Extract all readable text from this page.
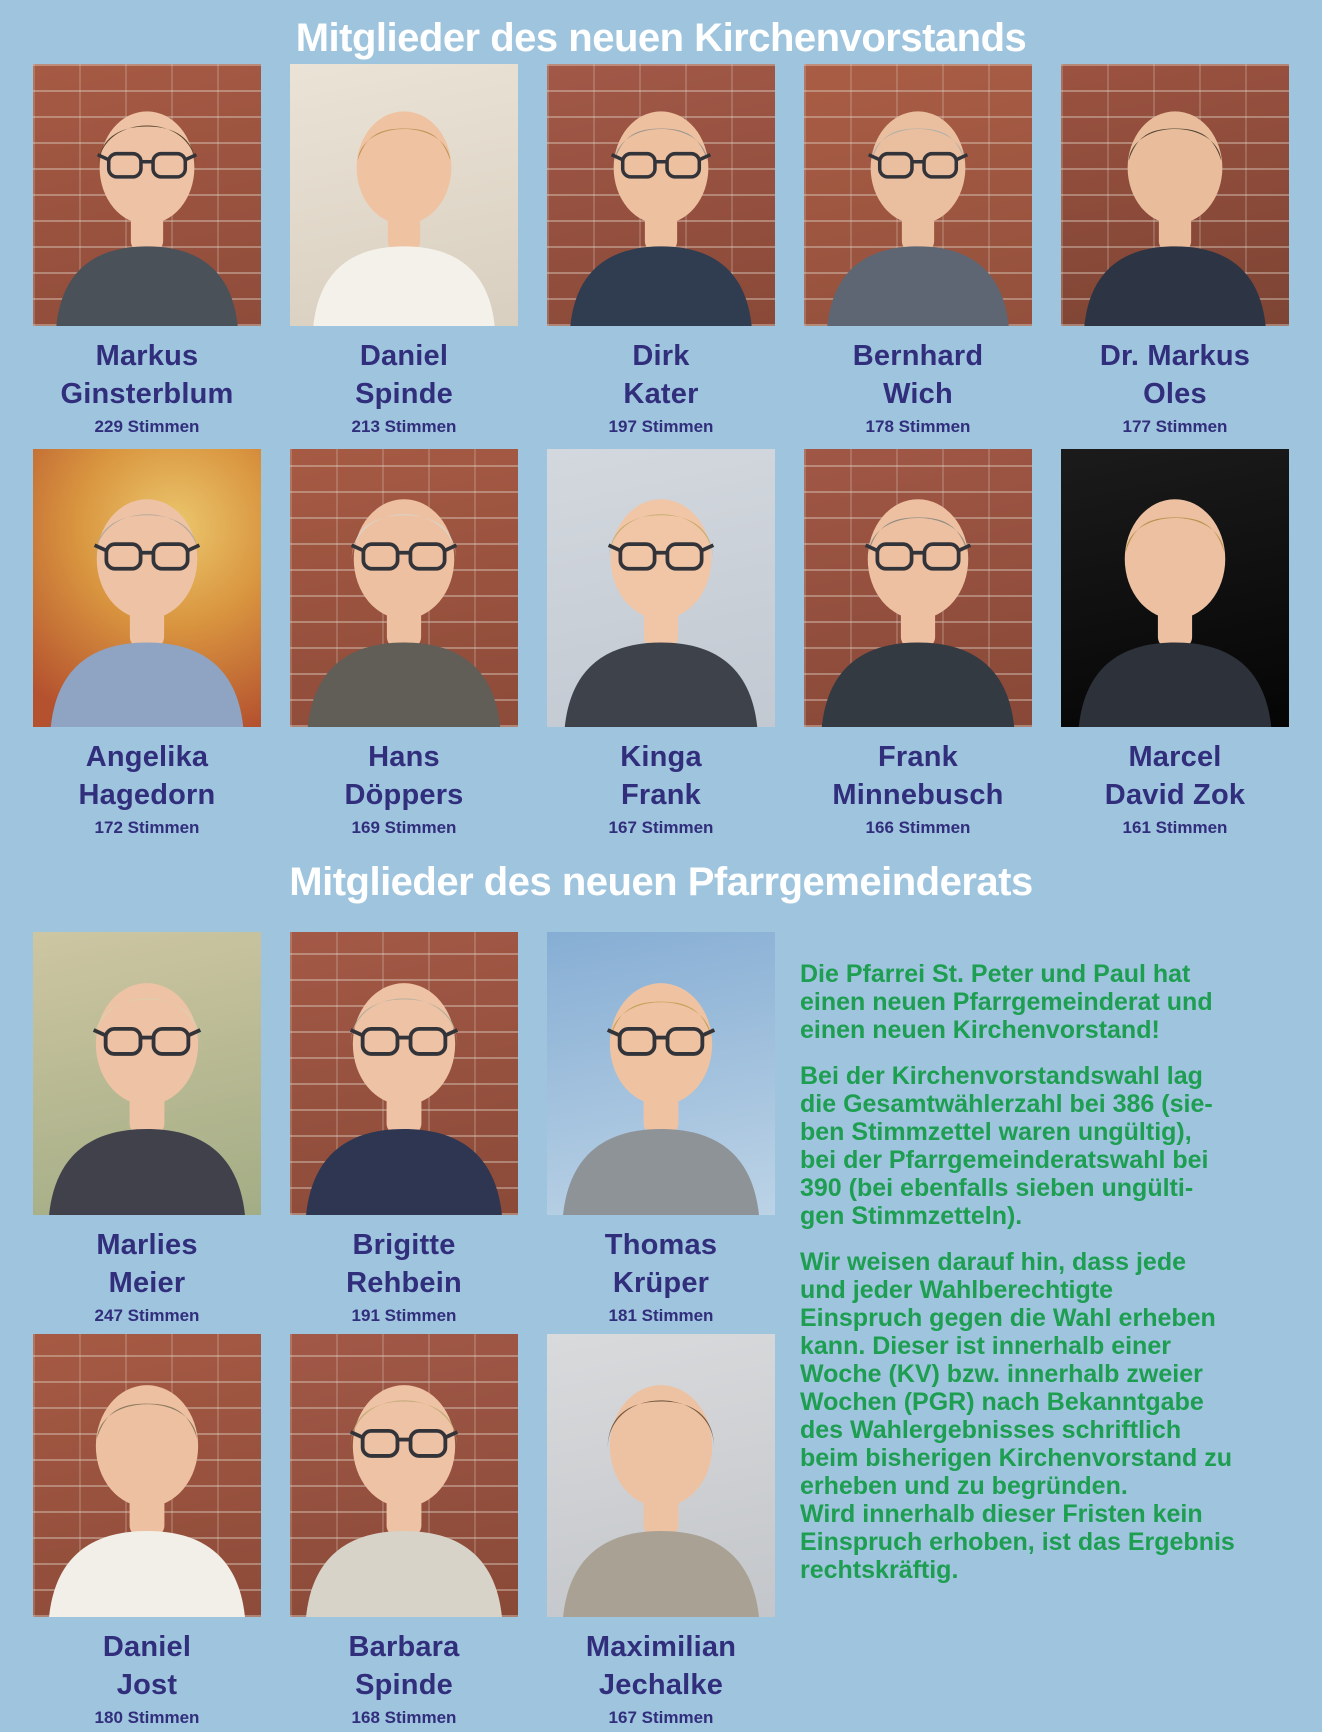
Mitglieder des neuen Kirchenvorstands
Markus
Ginsterblum
229 Stimmen
Daniel
Spinde
213 Stimmen
Dirk
Kater
197 Stimmen
Bernhard
Wich
178 Stimmen
Dr. Markus
Oles
177 Stimmen
Angelika
Hagedorn
172 Stimmen
Hans
Döppers
169 Stimmen
Kinga
Frank
167 Stimmen
Frank
Minnebusch
166 Stimmen
Marcel
David Zok
161 Stimmen
Mitglieder des neuen Pfarrgemeinderats
Marlies
Meier
247 Stimmen
Brigitte
Rehbein
191 Stimmen
Thomas
Krüper
181 Stimmen
Daniel
Jost
180 Stimmen
Barbara
Spinde
168 Stimmen
Maximilian
Jechalke
167 Stimmen

Die Pfarrei St. Peter und Paul hat
einen neuen Pfarrgemeinderat und
einen neuen Kirchenvorstand!

Bei der Kirchenvorstandswahl lag
die Gesamtwählerzahl bei 386 (sie-
ben Stimmzettel waren ungültig),
bei der Pfarrgemeinderatswahl bei
390 (bei ebenfalls sieben ungülti-
gen Stimmzetteln).

Wir weisen darauf hin, dass jede
und jeder Wahlberechtigte
Einspruch gegen die Wahl erheben
kann. Dieser ist innerhalb einer
Woche (KV) bzw. innerhalb zweier
Wochen (PGR) nach Bekanntgabe
des Wahlergebnisses schriftlich
beim bisherigen Kirchenvorstand zu
erheben und zu begründen.
Wird innerhalb dieser Fristen kein
Einspruch erhoben, ist das Ergebnis
rechtskräftig.
